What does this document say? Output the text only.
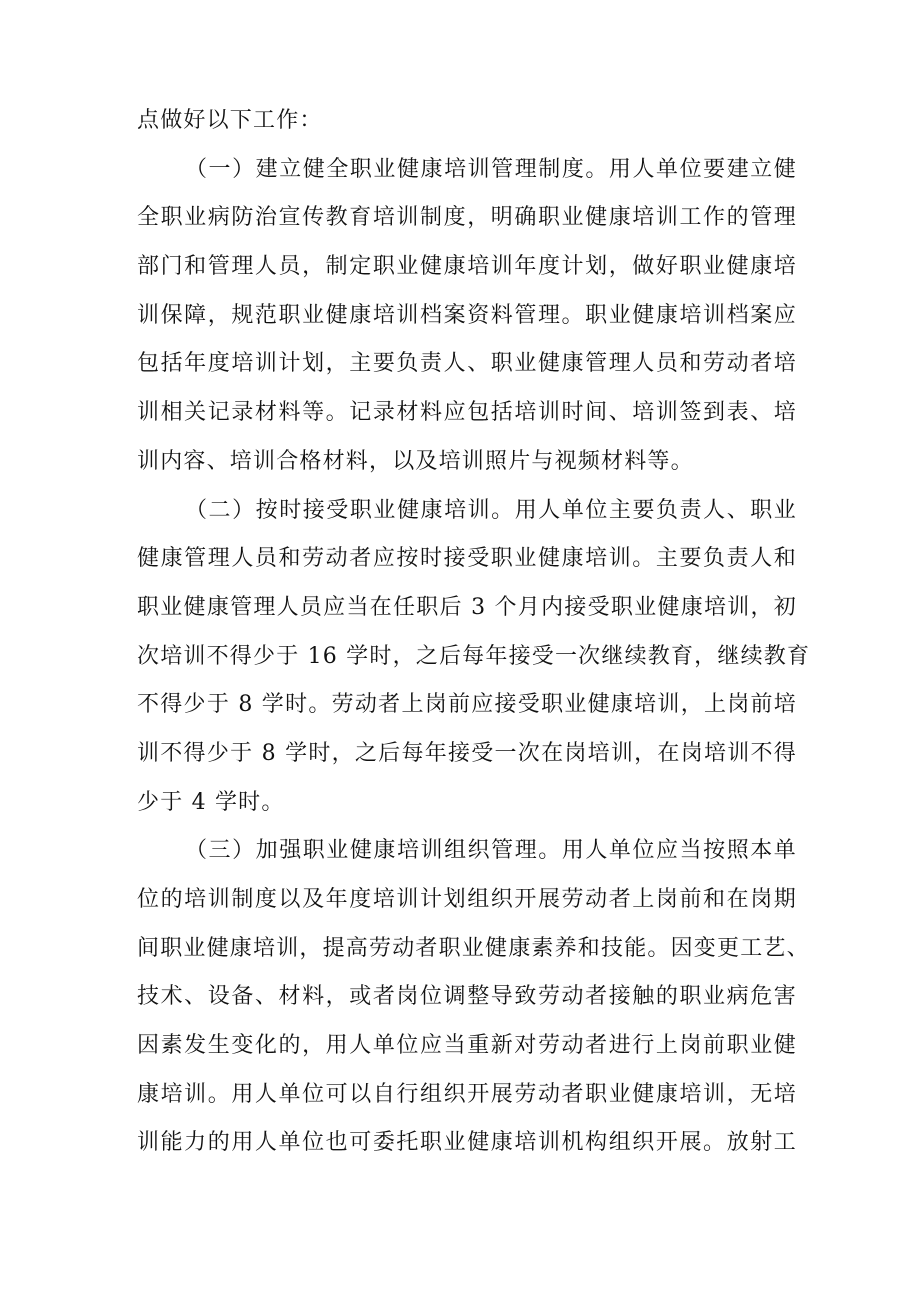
点做好以下工作：
（一）建立健全职业健康培训管理制度。用人单位要建立健
全职业病防治宣传教育培训制度，明确职业健康培训工作的管理
部门和管理人员，制定职业健康培训年度计划，做好职业健康培
训保障，规范职业健康培训档案资料管理。职业健康培训档案应
包括年度培训计划，主要负责人、职业健康管理人员和劳动者培
训相关记录材料等。记录材料应包括培训时间、培训签到表、培
训内容、培训合格材料，以及培训照片与视频材料等。
（二）按时接受职业健康培训。用人单位主要负责人、职业
健康管理人员和劳动者应按时接受职业健康培训。主要负责人和
职业健康管理人员应当在任职后 3 个月内接受职业健康培训，初
次培训不得少于 16 学时，之后每年接受一次继续教育，继续教育
不得少于 8 学时。劳动者上岗前应接受职业健康培训，上岗前培
训不得少于 8 学时，之后每年接受一次在岗培训，在岗培训不得
少于 4 学时。
（三）加强职业健康培训组织管理。用人单位应当按照本单
位的培训制度以及年度培训计划组织开展劳动者上岗前和在岗期
间职业健康培训，提高劳动者职业健康素养和技能。因变更工艺、
技术、设备、材料，或者岗位调整导致劳动者接触的职业病危害
因素发生变化的，用人单位应当重新对劳动者进行上岗前职业健
康培训。用人单位可以自行组织开展劳动者职业健康培训，无培
训能力的用人单位也可委托职业健康培训机构组织开展。放射工
